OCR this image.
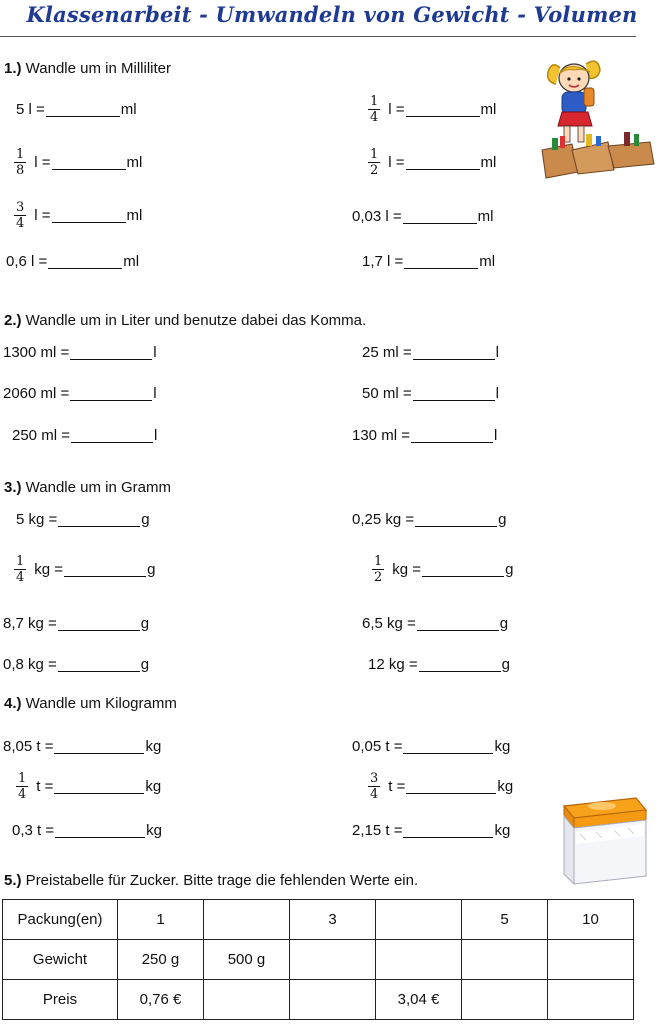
Klassenarbeit - Umwandeln von Gewicht - Volumen
1.) Wandle um in Milliliter
5 l =	ml
$\frac{1}{8}$ l =	ml
$\frac{3}{4}$ l =	ml
0,6 l =	ml
$\frac{1}{4}$ l =	ml
$\frac{1}{2}$ l =	ml
0,03 l =	ml
1,7 l =	ml
2.) Wandle um in Liter und benutze dabei das Komma.
1300 ml =	l
2060 ml =	l
250 ml =	l
25 ml =	l
50 ml =	l
130 ml =	l
3.) Wandle um in Gramm
5 kg =	g
$\frac{1}{4}$ kg =	g
8,7 kg =	g
0,8 kg =	g
0,25 kg =	g
$\frac{1}{2}$ kg =	g
6,5 kg =	g
12 kg =	g
4.) Wandle um Kilogramm
8,05 t =	kg
$\frac{1}{4}$ t =	kg
0,3 t =	kg
0,05 t =	kg
$\frac{3}{4}$ t =	kg
2,15 t =	kg
5.) Preistabelle für Zucker. Bitte trage die fehlenden Werte ein.
Packung(en)	1		3		5	10
Gewicht	250 g	500 g				
Preis	0,76 €			3,04 €		
